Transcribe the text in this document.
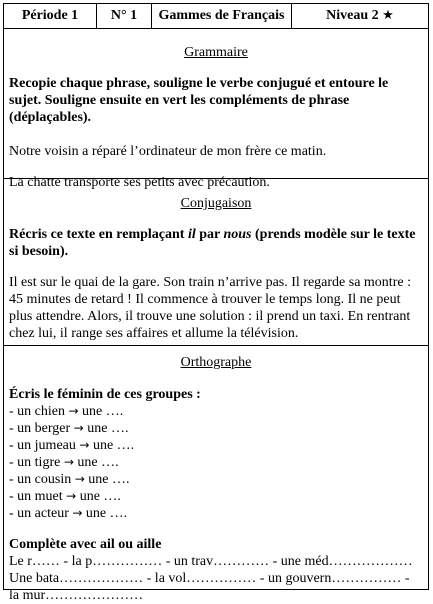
Période 1	N° 1	Gammes de Français	Niveau 2 ★
Grammaire

Recopie chaque phrase, souligne le verbe conjugué et entoure le sujet. Souligne ensuite en vert les compléments de phrase (déplaçables).

Notre voisin a réparé l’ordinateur de mon frère ce matin.

La chatte transporte ses petits avec précaution.

Conjugaison

Récris ce texte en remplaçant il par nous (prends modèle sur le texte si besoin).

Il est sur le quai de la gare. Son train n’arrive pas. Il regarde sa montre : 45 minutes de retard ! Il commence à trouver le temps long. Il ne peut plus attendre. Alors, il trouve une solution : il prend un taxi. En rentrant chez lui, il range ses affaires et allume la télévision.

Orthographe

Écris le féminin de ces groupes :

- un chien → une ….
- un berger → une ….
- un jumeau → une ….
- un tigre → une ….
- un cousin → une ….
- un muet → une ….
- un acteur → une ….

Complète avec ail ou aille

Le r…… - la p…………… - un trav………… - une méd……………… Une bata……………… - la vol…………… - un gouvern…………… - la mur…………………
